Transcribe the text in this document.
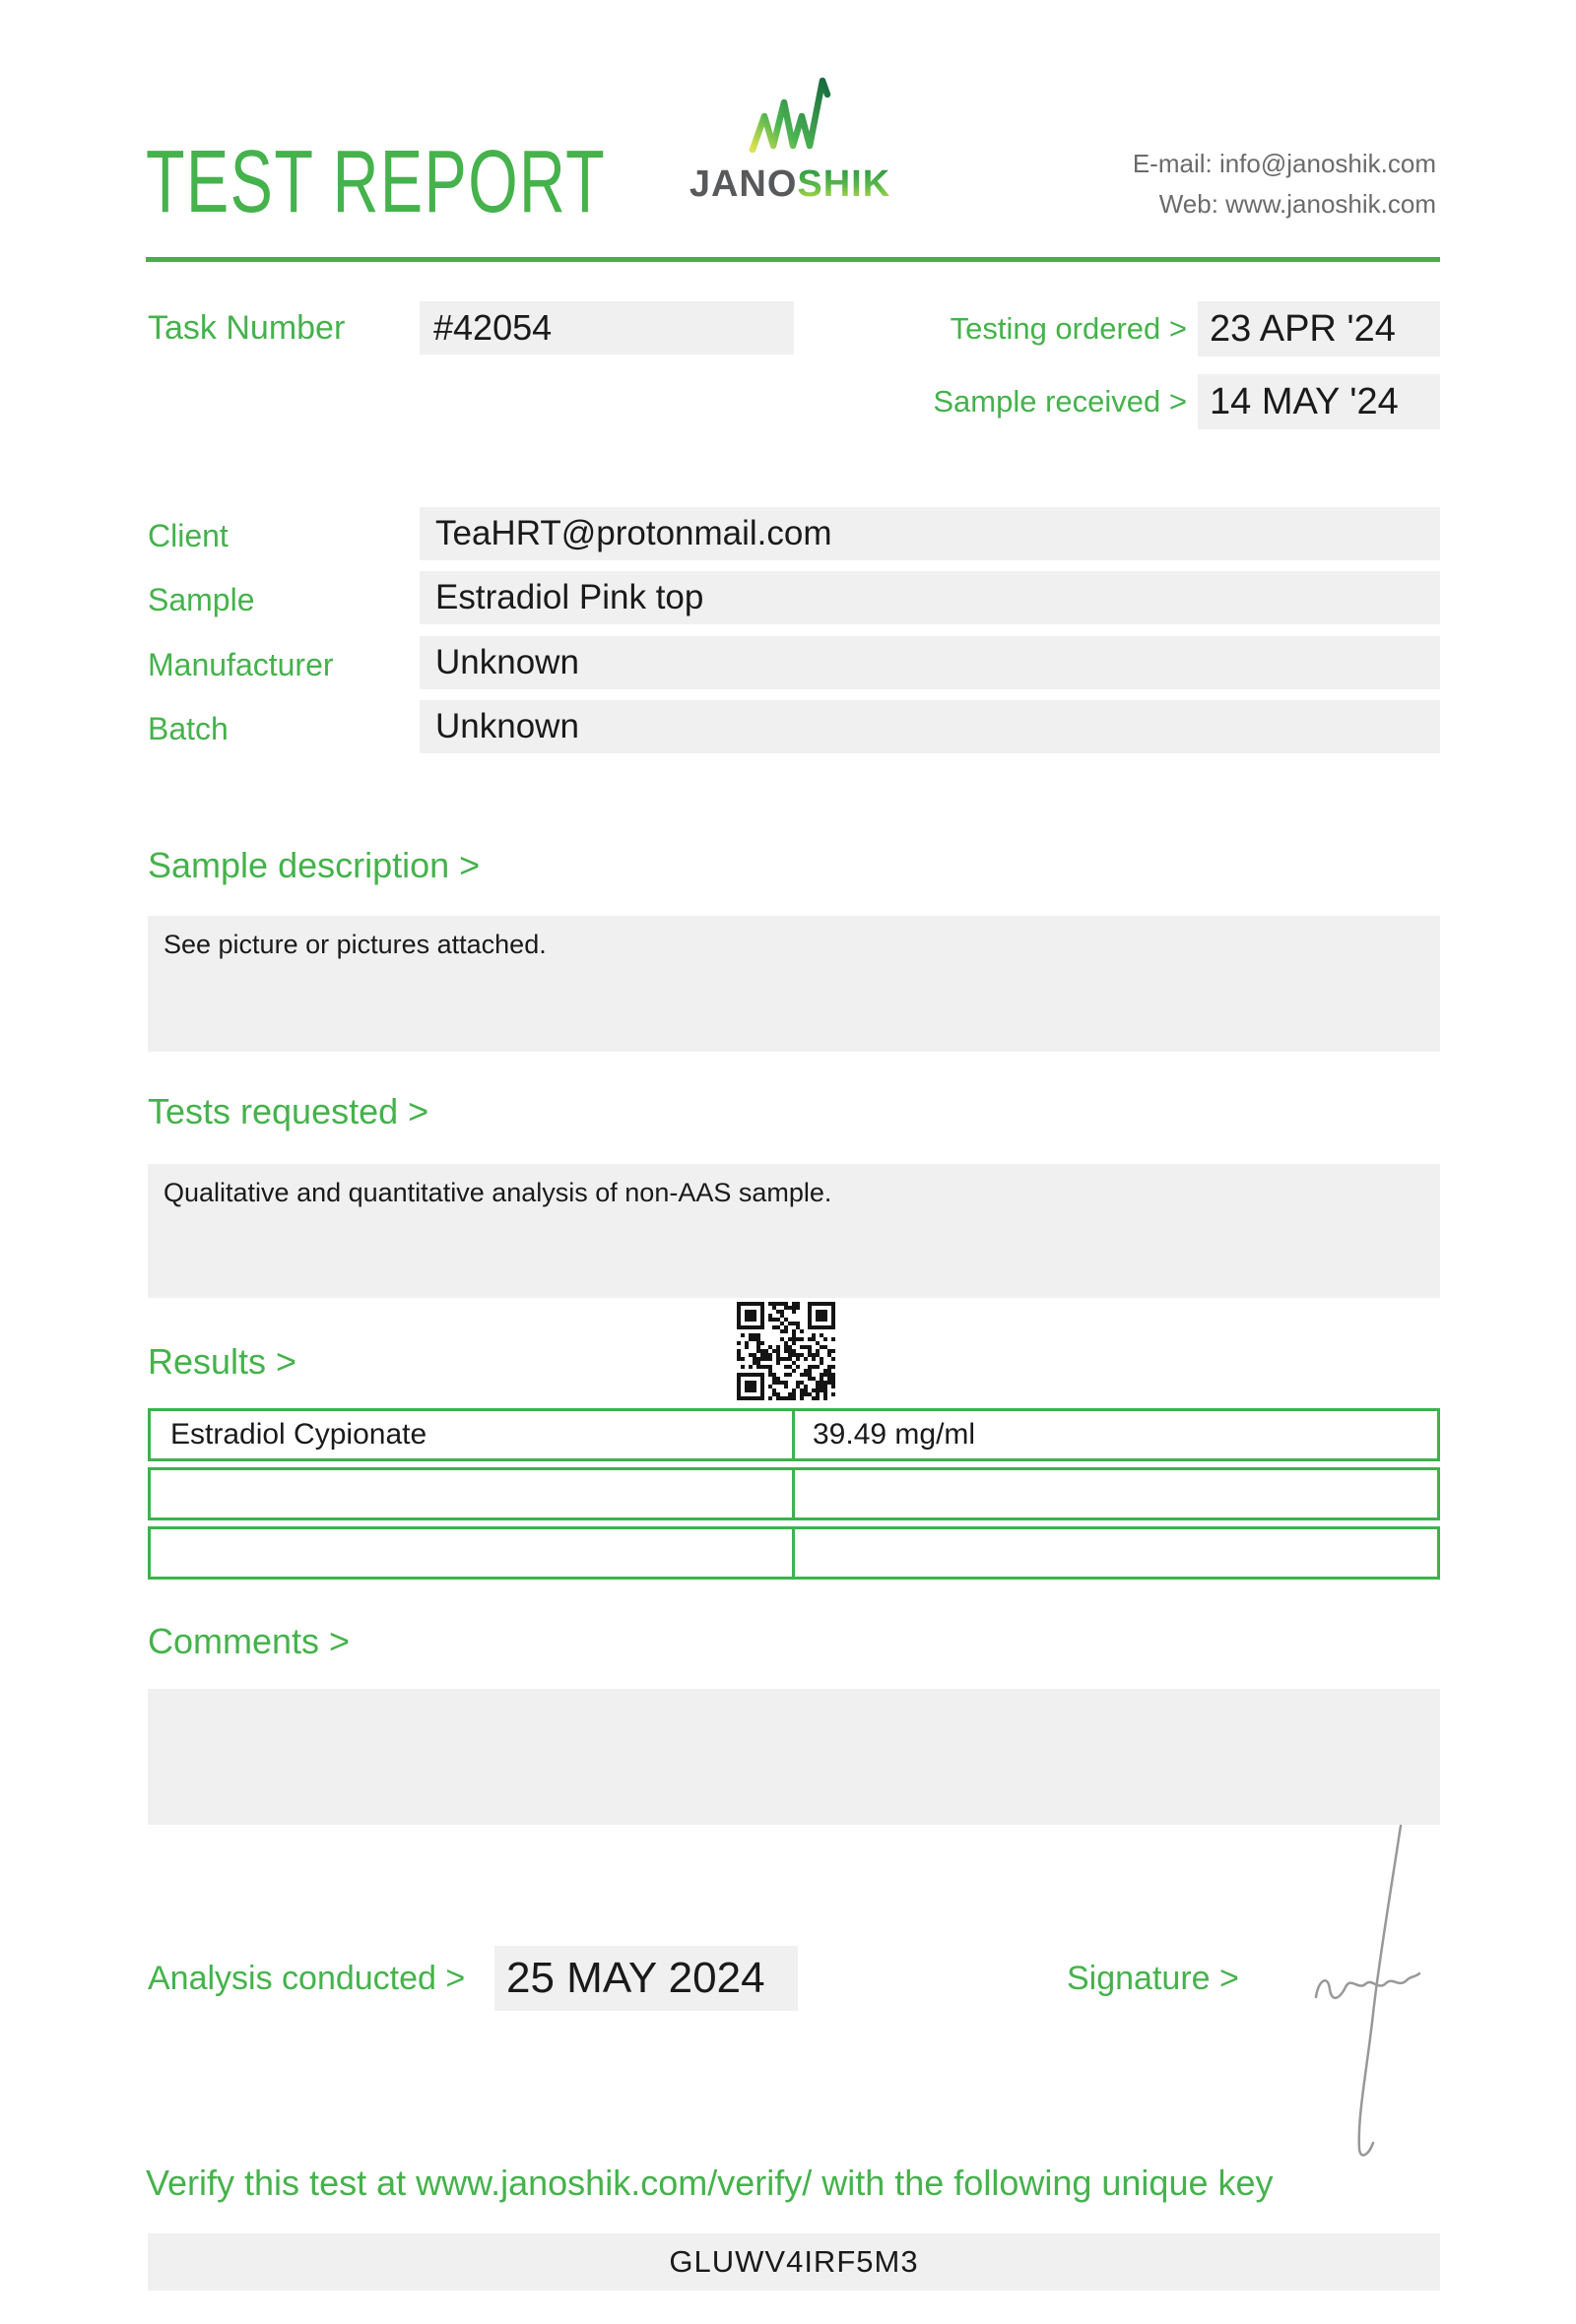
TEST REPORT JANOSHIK	E-mail: info@janoshik.com
Web: www.janoshik.com
Task Number	#42054	Testing ordered > 23 APR '24
Sample received > 14 MAY '24
Client	TeaHRT@protonmail.com
Sample	Estradiol Pink top
Manufacturer	Unknown
Batch	Unknown
Sample description >
See picture or pictures attached.
Tests requested >
Qualitative and quantitative analysis of non-AAS sample.
Results >
Estradiol Cypionate	39.49 mg/ml
Comments >
Analysis conducted > 25 MAY 2024	Signature >
Verify this test at www.janoshik.com/verify/ with the following unique key
GLUWV4IRF5M3
